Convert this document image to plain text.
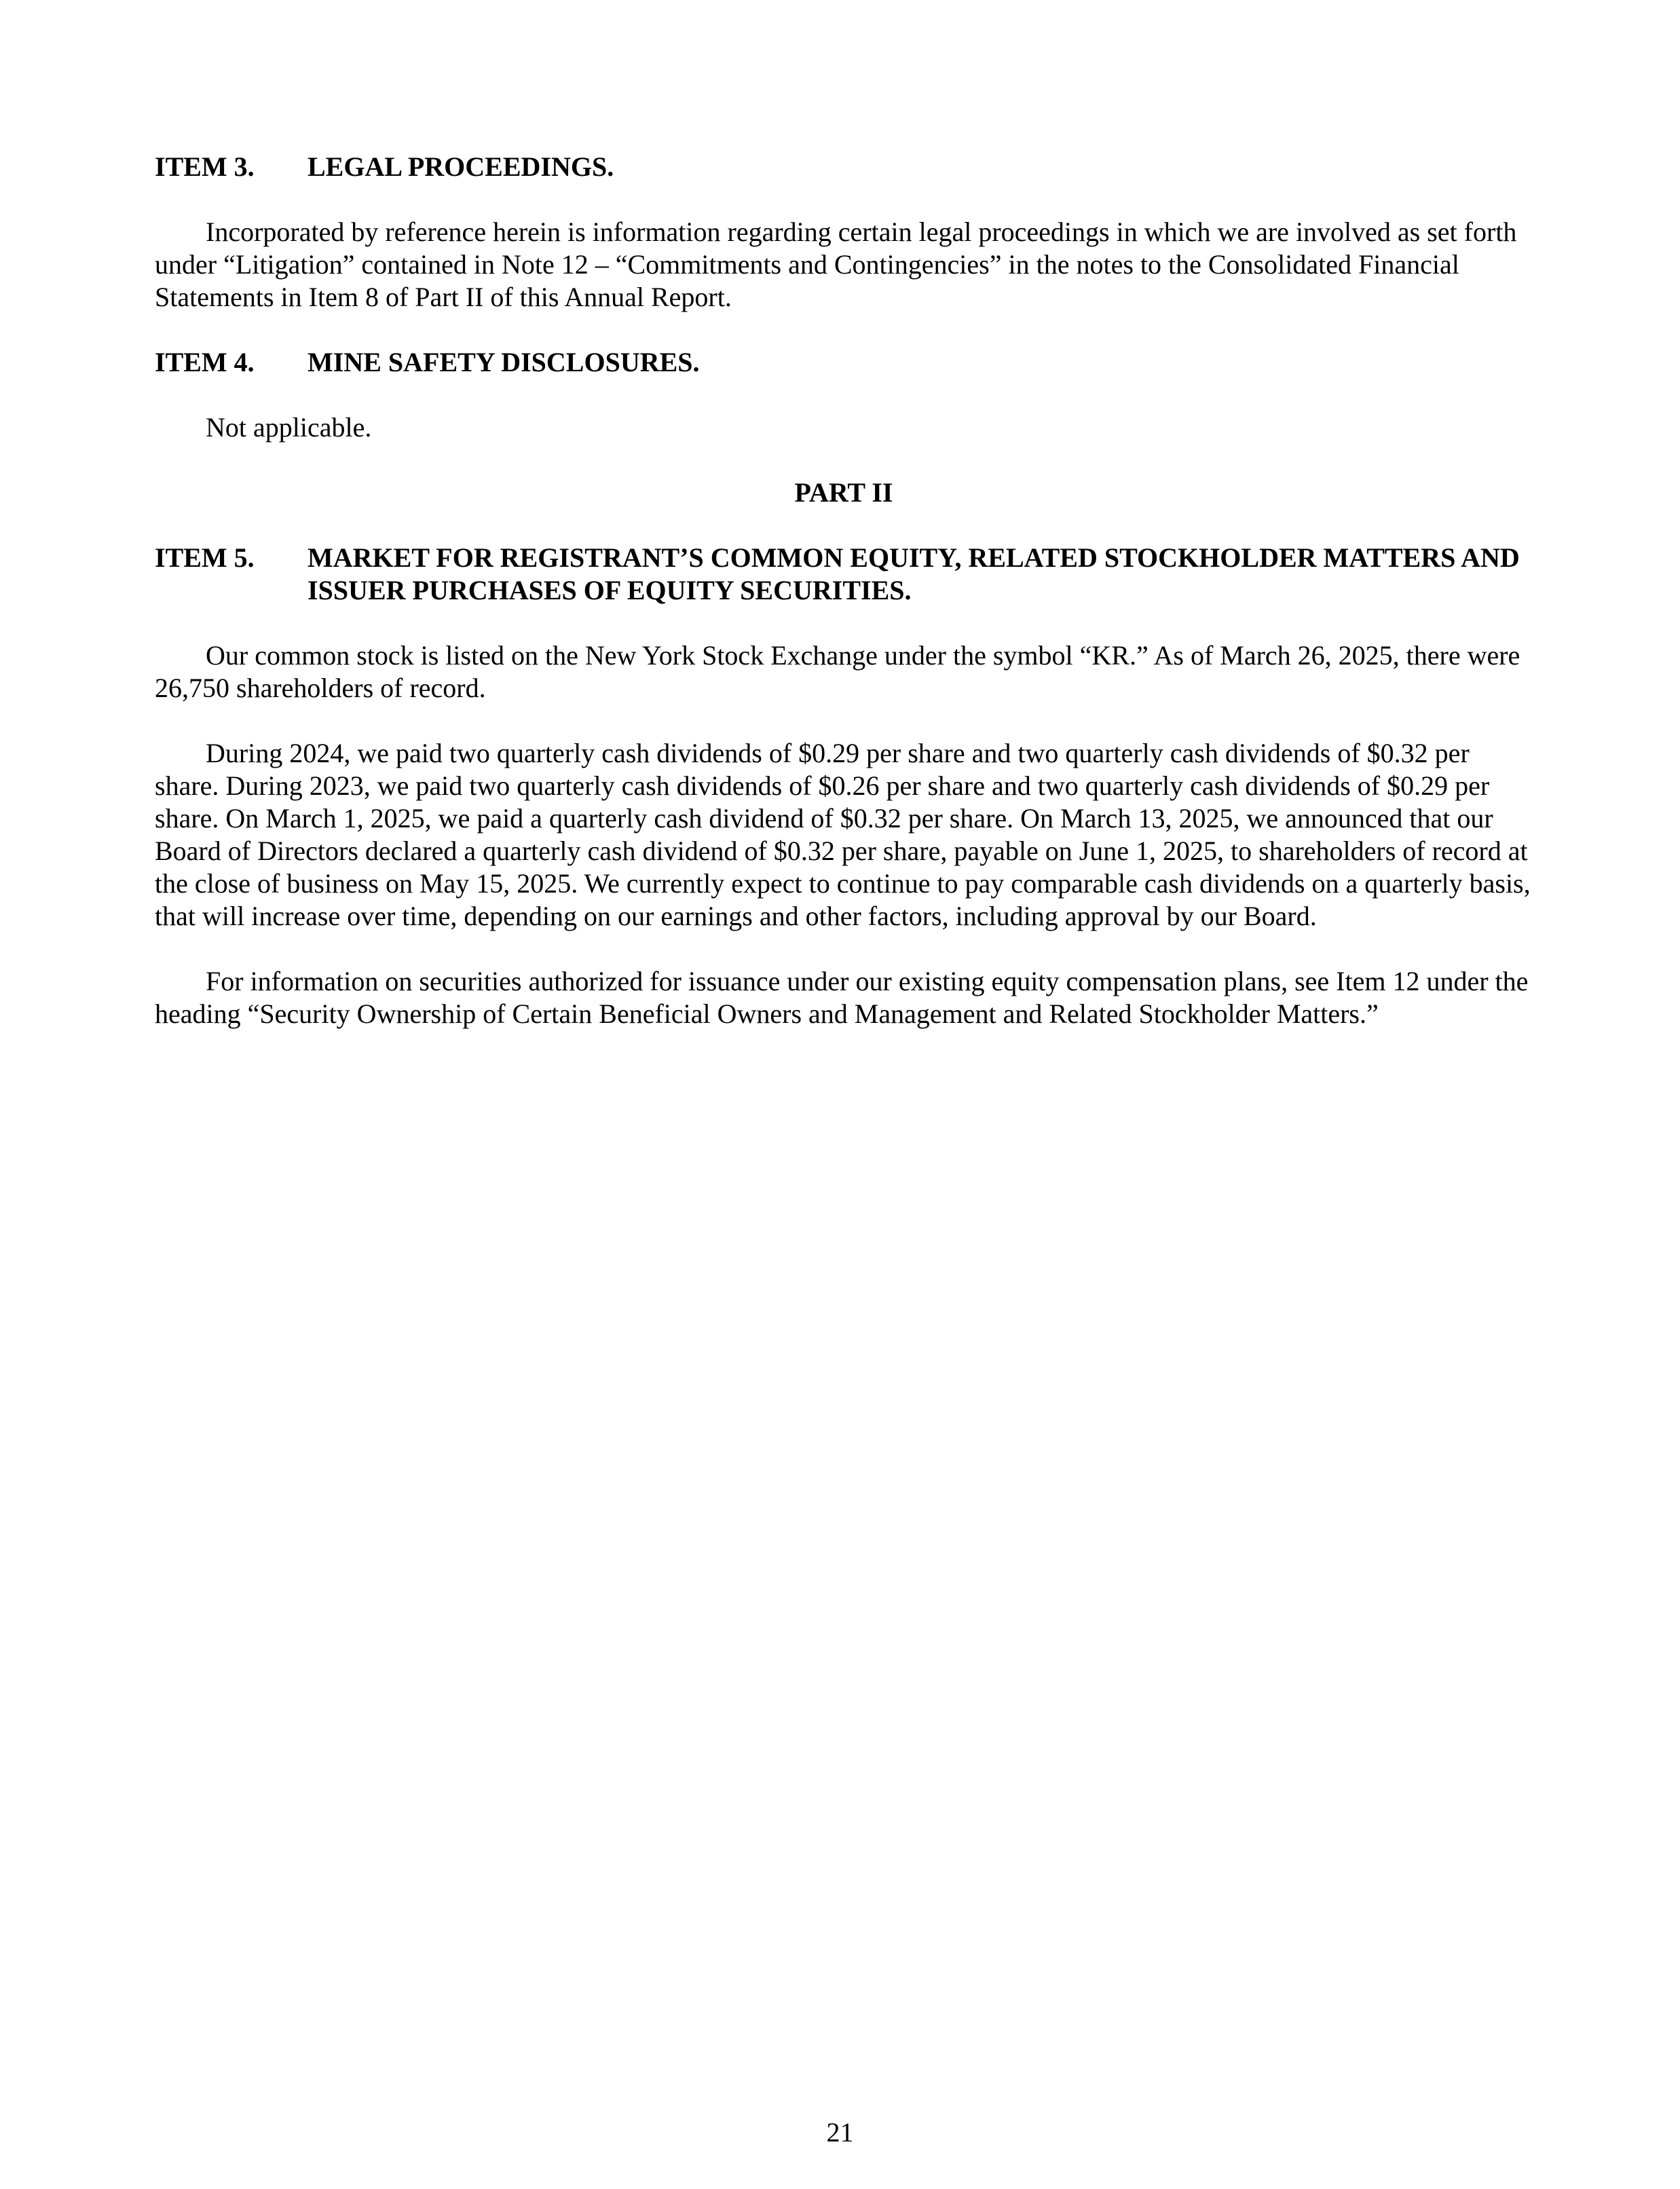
ITEM 3.	LEGAL PROCEEDINGS.

Incorporated by reference herein is information regarding certain legal proceedings in which we are involved as set forth under “Litigation” contained in Note 12 – “Commitments and Contingencies” in the notes to the Consolidated Financial Statements in Item 8 of Part II of this Annual Report.

ITEM 4.	MINE SAFETY DISCLOSURES.

Not applicable.

PART II

ITEM 5.	MARKET FOR REGISTRANT’S COMMON EQUITY, RELATED STOCKHOLDER MATTERS AND ISSUER PURCHASES OF EQUITY SECURITIES.

Our common stock is listed on the New York Stock Exchange under the symbol “KR.” As of March 26, 2025, there were 26,750 shareholders of record.

During 2024, we paid two quarterly cash dividends of $0.29 per share and two quarterly cash dividends of $0.32 per share. During 2023, we paid two quarterly cash dividends of $0.26 per share and two quarterly cash dividends of $0.29 per share. On March 1, 2025, we paid a quarterly cash dividend of $0.32 per share. On March 13, 2025, we announced that our Board of Directors declared a quarterly cash dividend of $0.32 per share, payable on June 1, 2025, to shareholders of record at the close of business on May 15, 2025. We currently expect to continue to pay comparable cash dividends on a quarterly basis, that will increase over time, depending on our earnings and other factors, including approval by our Board.

For information on securities authorized for issuance under our existing equity compensation plans, see Item 12 under the heading “Security Ownership of Certain Beneficial Owners and Management and Related Stockholder Matters.”

21
